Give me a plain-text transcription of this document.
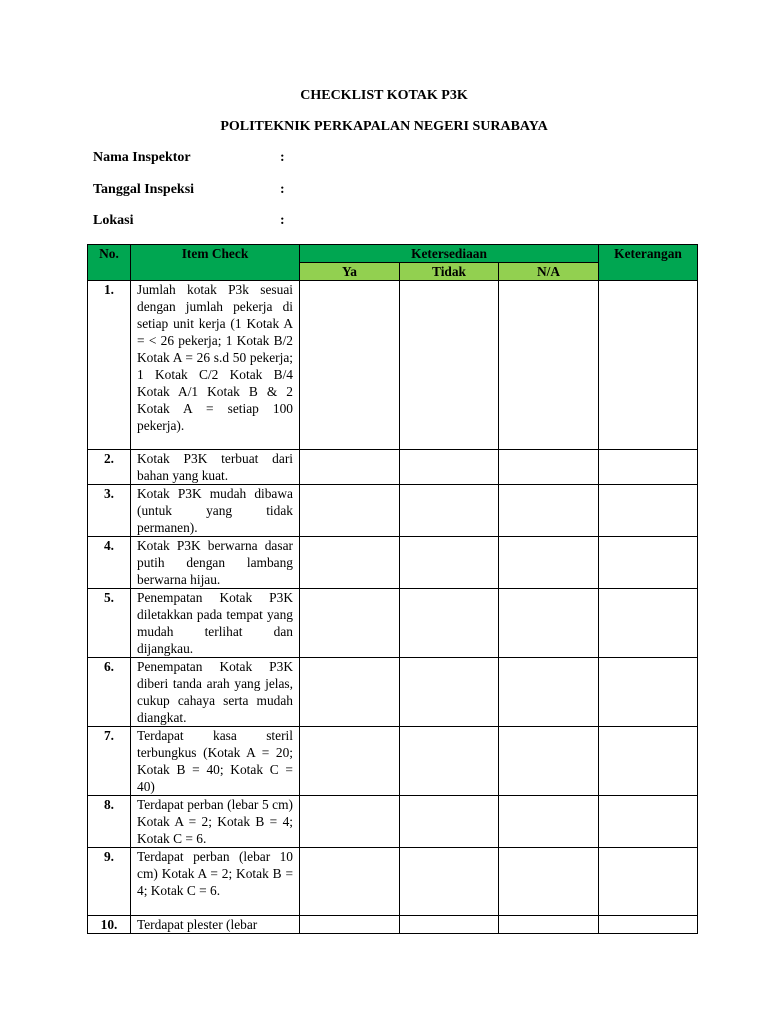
CHECKLIST KOTAK P3K
POLITEKNIK PERKAPALAN NEGERI SURABAYA
Nama Inspektor	:
Tanggal Inspeksi	:
Lokasi	:
No.	Item Check	Ketersediaan			Keterangan
		Ya	Tidak	N/A	
1.	Jumlah kotak P3k sesuai dengan jumlah pekerja di setiap unit kerja (1 Kotak A = < 26 pekerja; 1 Kotak B/2 Kotak A = 26 s.d 50 pekerja; 1 Kotak C/2 Kotak B/4 Kotak A/1 Kotak B & 2 Kotak A = setiap 100 pekerja).				
2.	Kotak P3K terbuat dari bahan yang kuat.				
3.	Kotak P3K mudah dibawa (untuk yang tidak permanen).				
4.	Kotak P3K berwarna dasar putih dengan lambang berwarna hijau.				
5.	Penempatan Kotak P3K diletakkan pada tempat yang mudah terlihat dan dijangkau.				
6.	Penempatan Kotak P3K diberi tanda arah yang jelas, cukup cahaya serta mudah diangkat.				
7.	Terdapat kasa steril terbungkus (Kotak A = 20; Kotak B = 40; Kotak C = 40)				
8.	Terdapat perban (lebar 5 cm) Kotak A = 2; Kotak B = 4; Kotak C = 6.				
9.	Terdapat perban (lebar 10 cm) Kotak A = 2; Kotak B = 4; Kotak C = 6.				
10.	Terdapat plester (lebar				
